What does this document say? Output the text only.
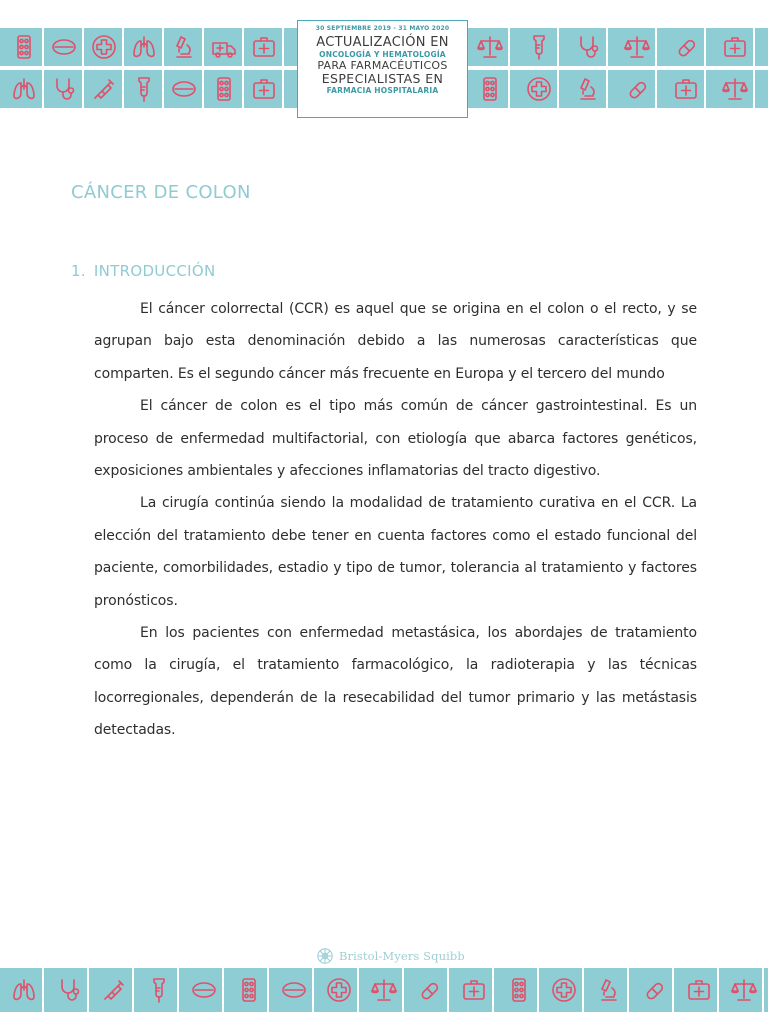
30 SEPTIEMBRE 2019 - 31 MAYO 2020
ACTUALIZACIÓN EN
ONCOLOGÍA Y HEMATOLOGÍA
PARA FARMACÉUTICOS
ESPECIALISTAS EN
FARMACIA HOSPITALARIA
CÁNCER DE COLON
1. INTRODUCCIÓN

El cáncer colorrectal (CCR) es aquel que se origina en el colon o el recto, y se agrupan bajo esta denominación debido a las numerosas características que comparten. Es el segundo cáncer más frecuente en Europa y el tercero del mundo

El cáncer de colon es el tipo más común de cáncer gastrointestinal. Es un proceso de enfermedad multifactorial, con etiología que abarca factores genéticos, exposiciones ambientales y afecciones inflamatorias del tracto digestivo.

La cirugía continúa siendo la modalidad de tratamiento curativa en el CCR. La elección del tratamiento debe tener en cuenta factores como el estado funcional del paciente, comorbilidades, estadio y tipo de tumor, tolerancia al tratamiento y factores pronósticos.

En los pacientes con enfermedad metastásica, los abordajes de tratamiento como la cirugía, el tratamiento farmacológico, la radioterapia y las técnicas locorregionales, dependerán de la resecabilidad del tumor primario y las metástasis detectadas.

Bristol-Myers Squibb
